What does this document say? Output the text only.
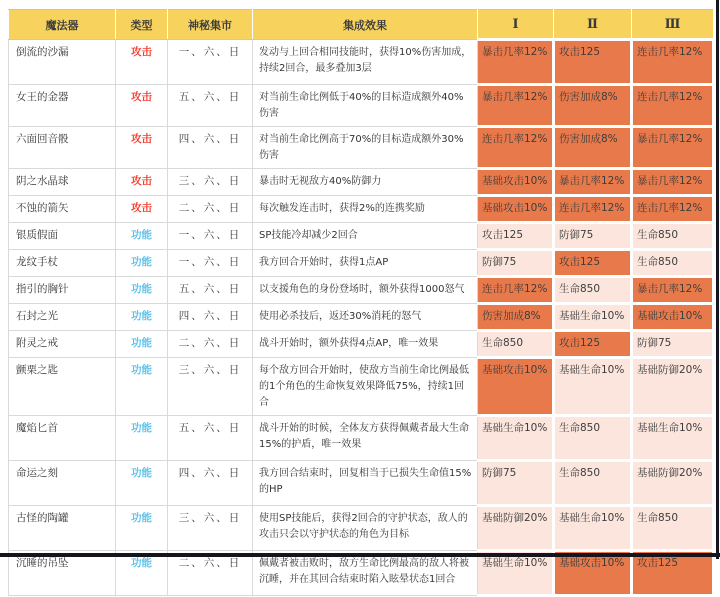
魔法器	类型	神秘集市	集成效果	Ⅰ	Ⅱ	Ⅲ
倒流的沙漏	攻击	一、六、日	发动与上回合相同技能时，获得10%伤害加成，持续2回合，最多叠加3层	暴击几率12%	攻击125	连击几率12%
女王的金器	攻击	五、六、日	对当前生命比例低于40%的目标造成额外40%伤害	暴击几率12%	伤害加成8%	连击几率12%
六面回音骰	攻击	四、六、日	对当前生命比例高于70%的目标造成额外30%伤害	连击几率12%	伤害加成8%	暴击几率12%
阴之水晶球	攻击	三、六、日	暴击时无视敌方40%防御力	基础攻击10%	暴击几率12%	暴击几率12%
不蚀的箭矢	攻击	二、六、日	每次触发连击时，获得2%的连携奖励	基础攻击10%	连击几率12%	连击几率12%
银质假面	功能	一、六、日	SP技能冷却减少2回合	攻击125	防御75	生命850
龙纹手杖	功能	一、六、日	我方回合开始时，获得1点AP	防御75	攻击125	生命850
指引的胸针	功能	五、六、日	以支援角色的身份登场时，额外获得1000怒气	连击几率12%	生命850	暴击几率12%
石封之光	功能	四、六、日	使用必杀技后，返还30%消耗的怒气	伤害加成8%	基础生命10%	基础攻击10%
附灵之戒	功能	二、六、日	战斗开始时，额外获得4点AP，唯一效果	生命850	攻击125	防御75
颤栗之匙	功能	三、六、日	每个敌方回合开始时，使敌方当前生命比例最低的1个角色的生命恢复效果降低75%，持续1回合	基础攻击10%	基础生命10%	基础防御20%
魔焰匕首	功能	五、六、日	战斗开始的时候，全体友方获得佩戴者最大生命15%的护盾，唯一效果	基础生命10%	生命850	基础生命10%
命运之刻	功能	四、六、日	我方回合结束时，回复相当于已损失生命值15%的HP	防御75	生命850	基础防御20%
古怪的陶罐	功能	三、六、日	使用SP技能后，获得2回合的守护状态，敌人的攻击只会以守护状态的角色为目标	基础防御20%	基础生命10%	生命850
沉睡的吊坠	功能	二、六、日	佩戴者被击败时，敌方生命比例最高的敌人将被沉睡，并在其回合结束时陷入眩晕状态1回合	基础生命10%	基础攻击10%	攻击125
